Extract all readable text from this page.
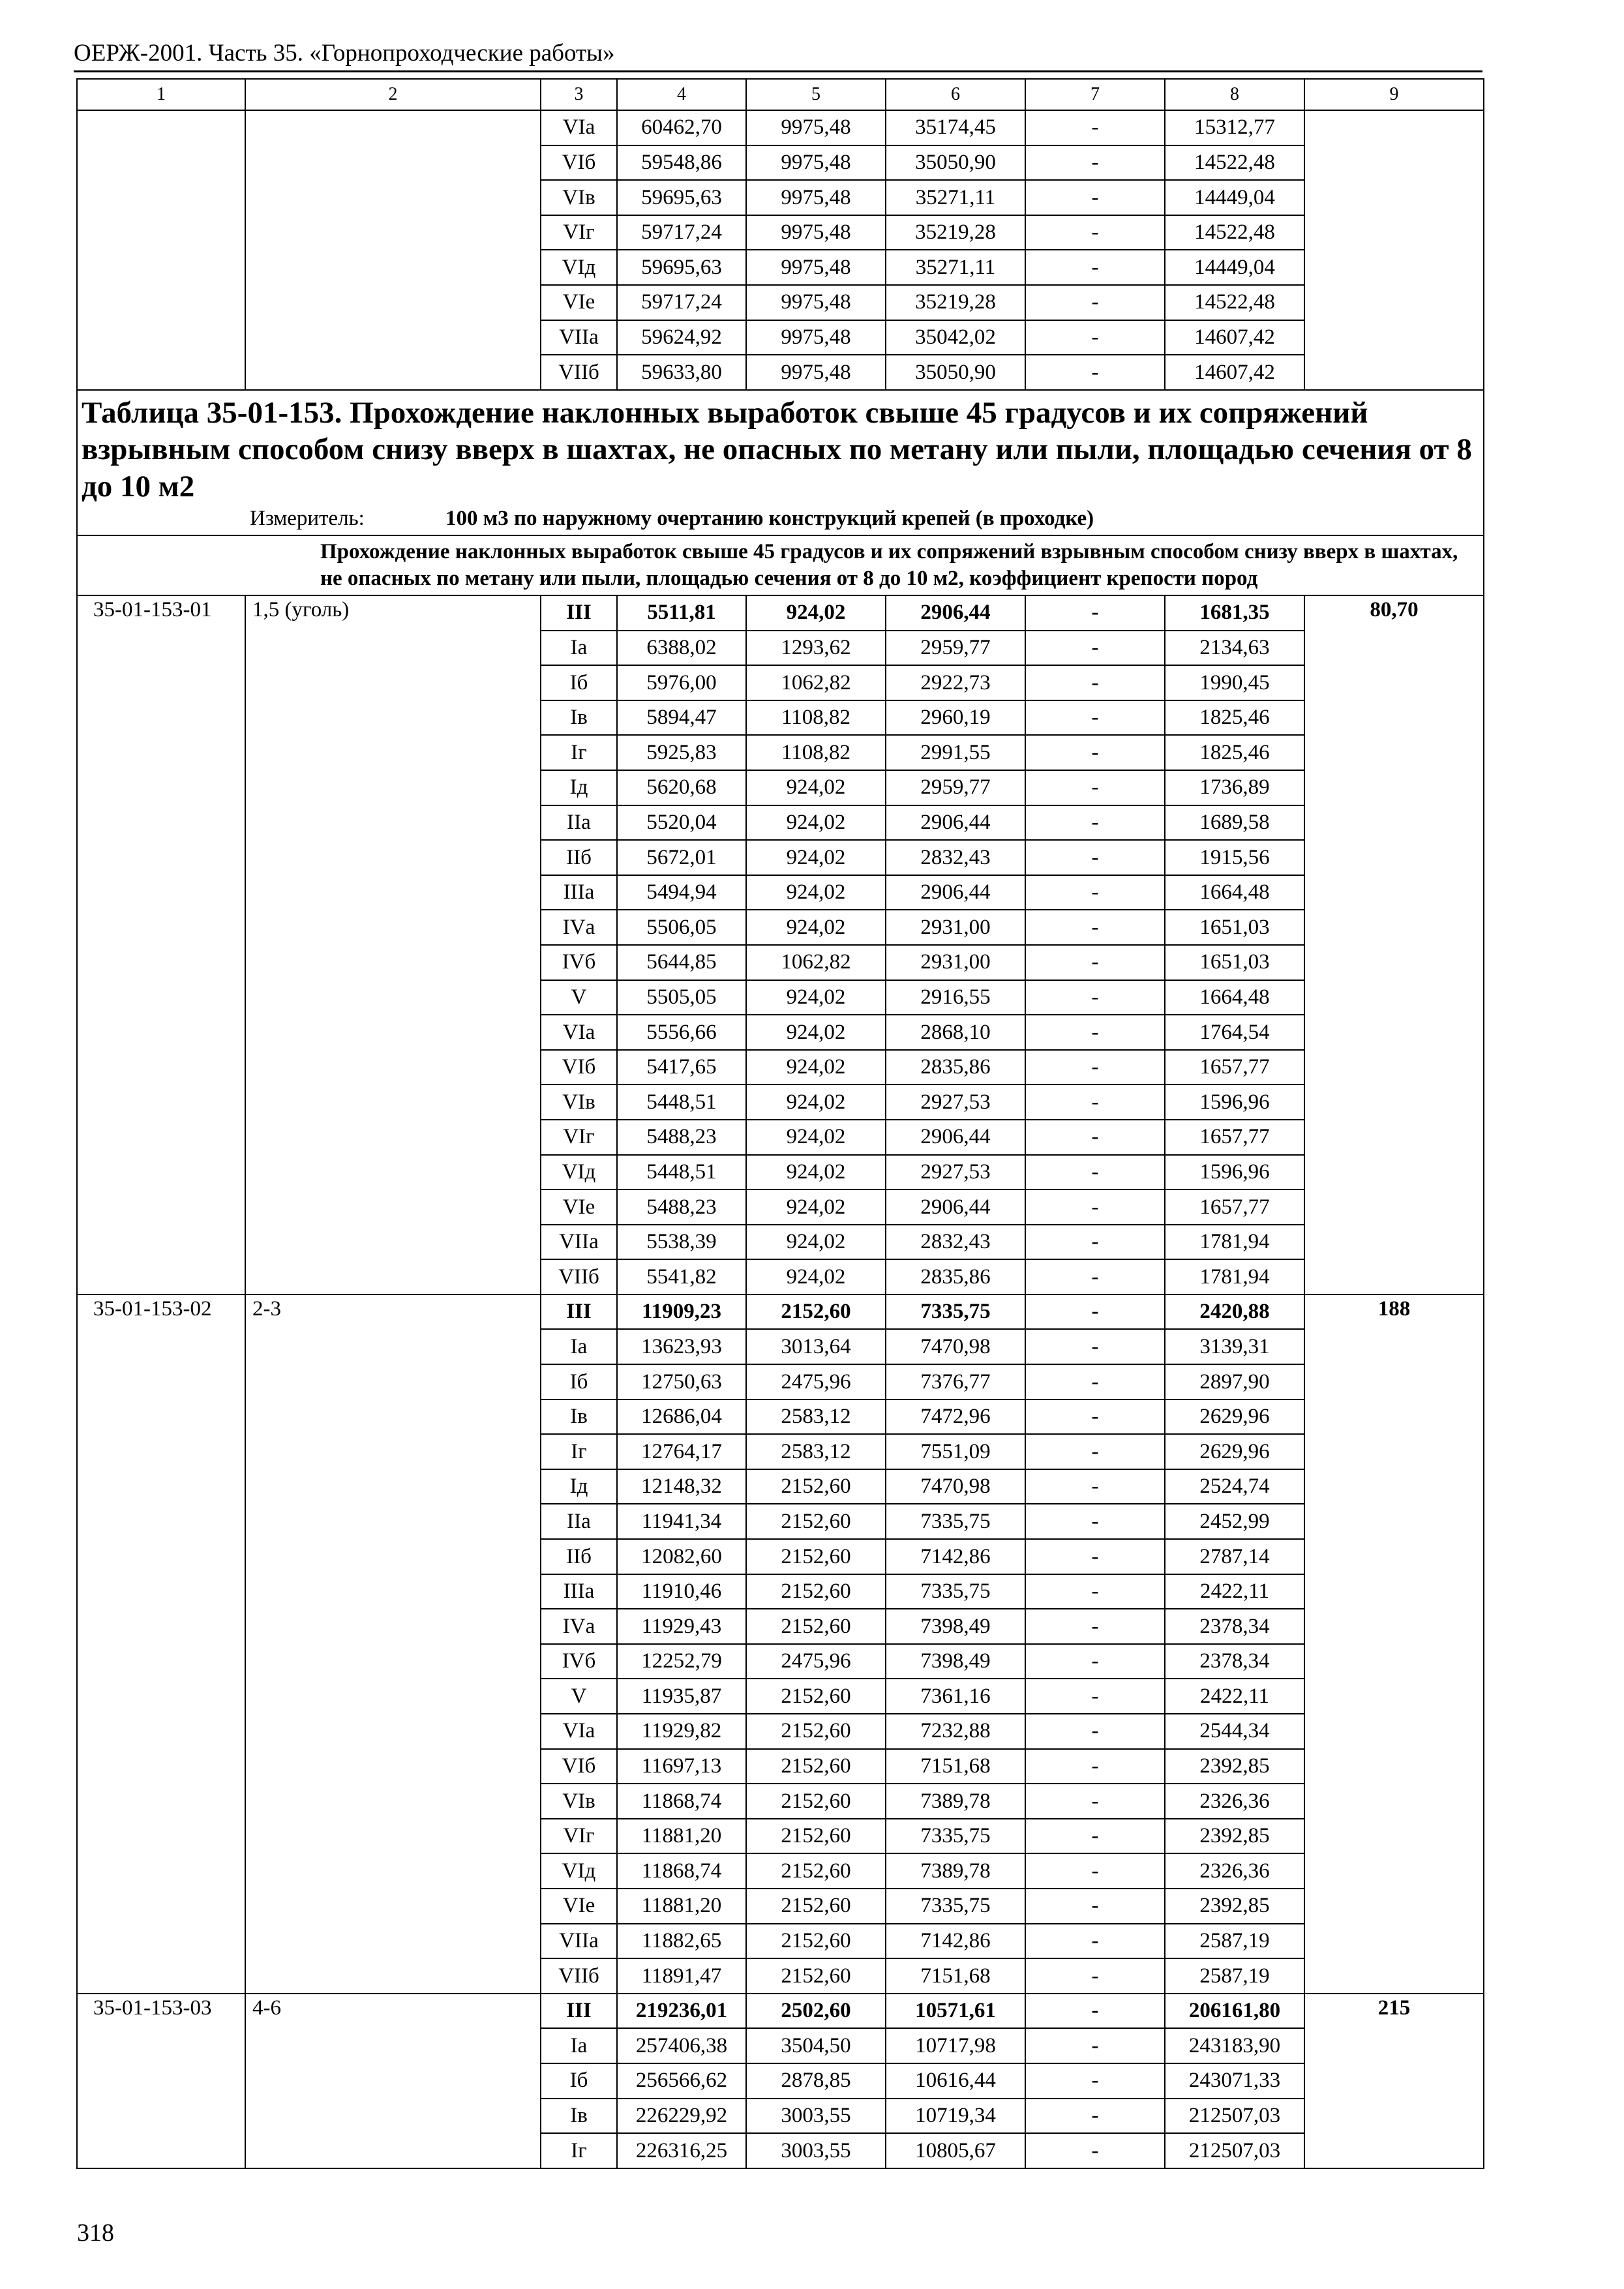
ОЕРЖ-2001. Часть 35. «Горнопроходческие работы»
1	2	3	4	5	6	7	8	9
		VIа	60462,70	9975,48	35174,45	-	15312,77	
		VIб	59548,86	9975,48	35050,90	-	14522,48	
		VIв	59695,63	9975,48	35271,11	-	14449,04	
		VIг	59717,24	9975,48	35219,28	-	14522,48	
		VIд	59695,63	9975,48	35271,11	-	14449,04	
		VIе	59717,24	9975,48	35219,28	-	14522,48	
		VIIа	59624,92	9975,48	35042,02	-	14607,42	
		VIIб	59633,80	9975,48	35050,90	-	14607,42	
Таблица 35-01-153. Прохождение наклонных выработок свыше 45 градусов и их сопряжений взрывным способом снизу вверх в шахтах, не опасных по метану или пыли, площадью сечения от 8 до 10 м2
Измеритель: 100 м3 по наружному очертанию конструкций крепей (в проходке)								

Прохождение наклонных выработок свыше 45 градусов и их сопряжений взрывным способом снизу вверх в шахтах, не опасных по метану или пыли, площадью сечения от 8 до 10 м2, коэффициент крепости пород								
35-01-153-01	1,5 (уголь)	III	5511,81	924,02	2906,44	-	1681,35	80,70
		Iа	6388,02	1293,62	2959,77	-	2134,63	
		Iб	5976,00	1062,82	2922,73	-	1990,45	
		Iв	5894,47	1108,82	2960,19	-	1825,46	
		Iг	5925,83	1108,82	2991,55	-	1825,46	
		Iд	5620,68	924,02	2959,77	-	1736,89	
		IIа	5520,04	924,02	2906,44	-	1689,58	
		IIб	5672,01	924,02	2832,43	-	1915,56	
		IIIа	5494,94	924,02	2906,44	-	1664,48	
		IVа	5506,05	924,02	2931,00	-	1651,03	
		IVб	5644,85	1062,82	2931,00	-	1651,03	
		V	5505,05	924,02	2916,55	-	1664,48	
		VIа	5556,66	924,02	2868,10	-	1764,54	
		VIб	5417,65	924,02	2835,86	-	1657,77	
		VIв	5448,51	924,02	2927,53	-	1596,96	
		VIг	5488,23	924,02	2906,44	-	1657,77	
		VIд	5448,51	924,02	2927,53	-	1596,96	
		VIе	5488,23	924,02	2906,44	-	1657,77	
		VIIа	5538,39	924,02	2832,43	-	1781,94	
		VIIб	5541,82	924,02	2835,86	-	1781,94	
35-01-153-02	2-3	III	11909,23	2152,60	7335,75	-	2420,88	188
		Iа	13623,93	3013,64	7470,98	-	3139,31	
		Iб	12750,63	2475,96	7376,77	-	2897,90	
		Iв	12686,04	2583,12	7472,96	-	2629,96	
		Iг	12764,17	2583,12	7551,09	-	2629,96	
		Iд	12148,32	2152,60	7470,98	-	2524,74	
		IIа	11941,34	2152,60	7335,75	-	2452,99	
		IIб	12082,60	2152,60	7142,86	-	2787,14	
		IIIа	11910,46	2152,60	7335,75	-	2422,11	
		IVа	11929,43	2152,60	7398,49	-	2378,34	
		IVб	12252,79	2475,96	7398,49	-	2378,34	
		V	11935,87	2152,60	7361,16	-	2422,11	
		VIа	11929,82	2152,60	7232,88	-	2544,34	
		VIб	11697,13	2152,60	7151,68	-	2392,85	
		VIв	11868,74	2152,60	7389,78	-	2326,36	
		VIг	11881,20	2152,60	7335,75	-	2392,85	
		VIд	11868,74	2152,60	7389,78	-	2326,36	
		VIе	11881,20	2152,60	7335,75	-	2392,85	
		VIIа	11882,65	2152,60	7142,86	-	2587,19	
		VIIб	11891,47	2152,60	7151,68	-	2587,19	
35-01-153-03	4-6	III	219236,01	2502,60	10571,61	-	206161,80	215
		Iа	257406,38	3504,50	10717,98	-	243183,90	
		Iб	256566,62	2878,85	10616,44	-	243071,33	
		Iв	226229,92	3003,55	10719,34	-	212507,03	
		Iг	226316,25	3003,55	10805,67	-	212507,03	
318
